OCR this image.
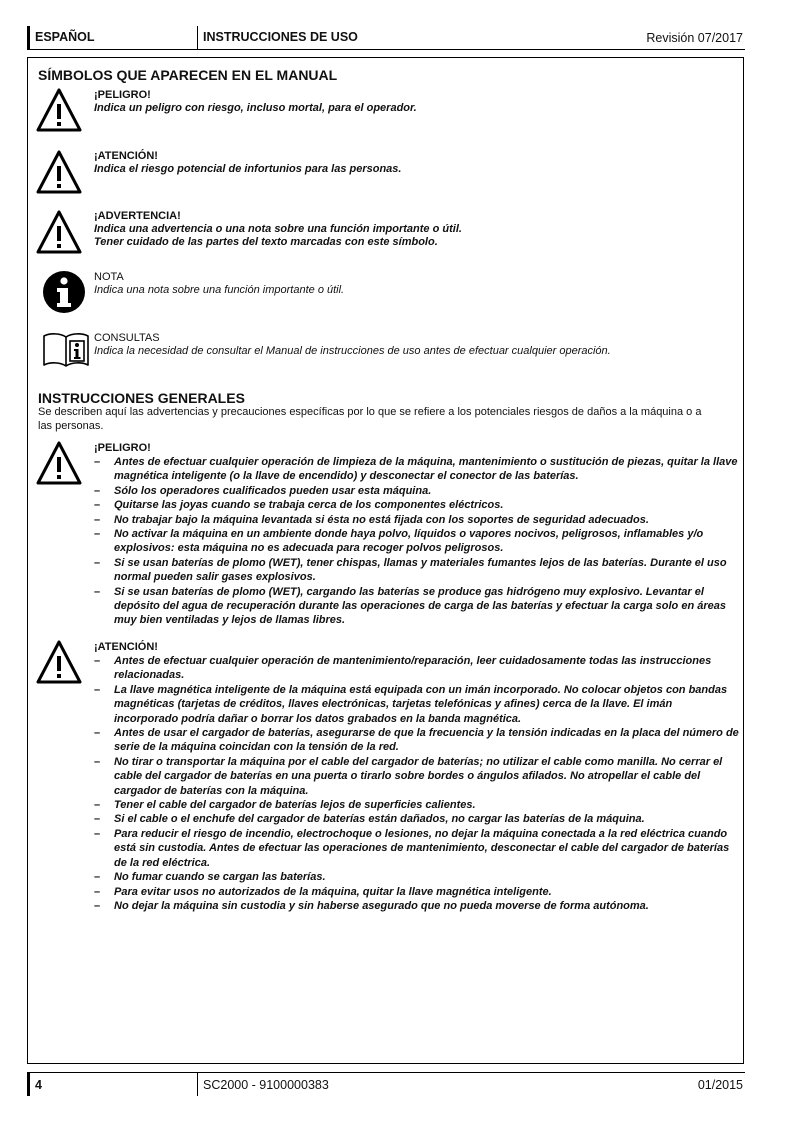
ESPAÑOL	INSTRUCCIONES DE USO	Revisión 07/2017
SÍMBOLOS QUE APARECEN EN EL MANUAL
¡PELIGRO!
Indica un peligro con riesgo, incluso mortal, para el operador.
¡ATENCIÓN!
Indica el riesgo potencial de infortunios para las personas.
¡ADVERTENCIA!
Indica una advertencia o una nota sobre una función importante o útil.
Tener cuidado de las partes del texto marcadas con este símbolo.
NOTA
Indica una nota sobre una función importante o útil.
CONSULTAS
Indica la necesidad de consultar el Manual de instrucciones de uso antes de efectuar cualquier operación.
INSTRUCCIONES GENERALES
Se describen aquí las advertencias y precauciones específicas por lo que se refiere a los potenciales riesgos de daños a la máquina o a las personas.
¡PELIGRO!
– Antes de efectuar cualquier operación de limpieza de la máquina, mantenimiento o sustitución de piezas, quitar la llave magnética inteligente (o la llave de encendido) y desconectar el conector de las baterías.
– Sólo los operadores cualificados pueden usar esta máquina.
– Quitarse las joyas cuando se trabaja cerca de los componentes eléctricos.
– No trabajar bajo la máquina levantada si ésta no está fijada con los soportes de seguridad adecuados.
– No activar la máquina en un ambiente donde haya polvo, líquidos o vapores nocivos, peligrosos, inflamables y/o explosivos: esta máquina no es adecuada para recoger polvos peligrosos.
– Si se usan baterías de plomo (WET), tener chispas, llamas y materiales fumantes lejos de las baterías. Durante el uso normal pueden salir gases explosivos.
– Si se usan baterías de plomo (WET), cargando las baterías se produce gas hidrógeno muy explosivo. Levantar el depósito del agua de recuperación durante las operaciones de carga de las baterías y efectuar la carga solo en áreas muy bien ventiladas y lejos de llamas libres.
¡ATENCIÓN!
– Antes de efectuar cualquier operación de mantenimiento/reparación, leer cuidadosamente todas las instrucciones relacionadas.
– La llave magnética inteligente de la máquina está equipada con un imán incorporado. No colocar objetos con bandas magnéticas (tarjetas de créditos, llaves electrónicas, tarjetas telefónicas y afines) cerca de la llave. El imán incorporado podría dañar o borrar los datos grabados en la banda magnética.
– Antes de usar el cargador de baterías, asegurarse de que la frecuencia y la tensión indicadas en la placa del número de serie de la máquina coincidan con la tensión de la red.
– No tirar o transportar la máquina por el cable del cargador de baterías; no utilizar el cable como manilla. No cerrar el cable del cargador de baterías en una puerta o tirarlo sobre bordes o ángulos afilados. No atropellar el cable del cargador de baterías con la máquina.
– Tener el cable del cargador de baterías lejos de superficies calientes.
– Si el cable o el enchufe del cargador de baterías están dañados, no cargar las baterías de la máquina.
– Para reducir el riesgo de incendio, electrochoque o lesiones, no dejar la máquina conectada a la red eléctrica cuando está sin custodia. Antes de efectuar las operaciones de mantenimiento, desconectar el cable del cargador de baterías de la red eléctrica.
– No fumar cuando se cargan las baterías.
– Para evitar usos no autorizados de la máquina, quitar la llave magnética inteligente.
– No dejar la máquina sin custodia y sin haberse asegurado que no pueda moverse de forma autónoma.
4	SC2000 - 9100000383	01/2015
